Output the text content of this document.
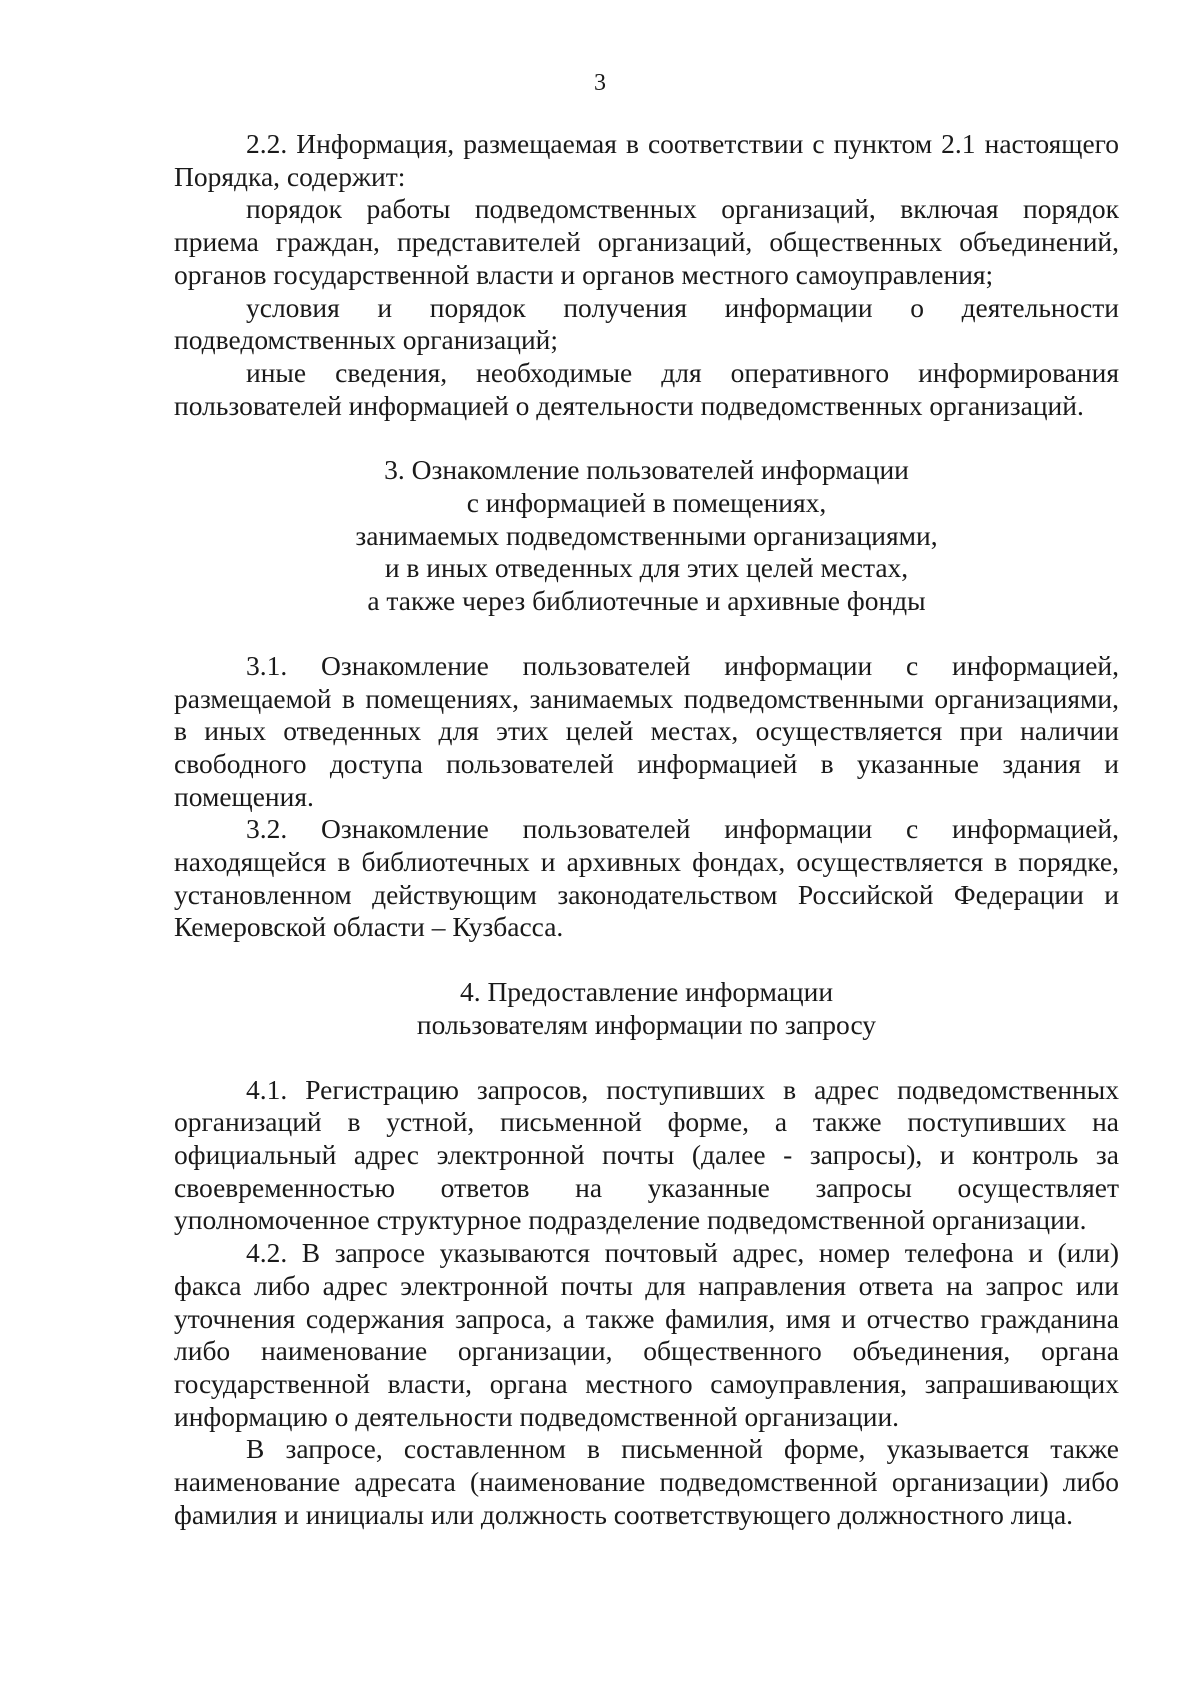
3

2.2. Информация, размещаемая в соответствии с пунктом 2.1 настоящего Порядка, содержит:

порядок работы подведомственных организаций, включая порядок приема граждан, представителей организаций, общественных объединений, органов государственной власти и органов местного самоуправления;

условия и порядок получения информации о деятельности подведомственных организаций;

иные сведения, необходимые для оперативного информирования пользователей информацией о деятельности подведомственных организаций.

3. Ознакомление пользователей информации
с информацией в помещениях,
занимаемых подведомственными организациями,
и в иных отведенных для этих целей местах,
а также через библиотечные и архивные фонды

3.1. Ознакомление пользователей информации с информацией, размещаемой в помещениях, занимаемых подведомственными организациями, в иных отведенных для этих целей местах, осуществляется при наличии свободного доступа пользователей информацией в указанные здания и помещения.

3.2. Ознакомление пользователей информации с информацией, находящейся в библиотечных и архивных фондах, осуществляется в порядке, установленном действующим законодательством Российской Федерации и Кемеровской области – Кузбасса.

4. Предоставление информации
пользователям информации по запросу

4.1. Регистрацию запросов, поступивших в адрес подведомственных организаций в устной, письменной форме, а также поступивших на официальный адрес электронной почты (далее - запросы), и контроль за своевременностью ответов на указанные запросы осуществляет уполномоченное структурное подразделение подведомственной организации.

4.2. В запросе указываются почтовый адрес, номер телефона и (или) факса либо адрес электронной почты для направления ответа на запрос или уточнения содержания запроса, а также фамилия, имя и отчество гражданина либо наименование организации, общественного объединения, органа государственной власти, органа местного самоуправления, запрашивающих информацию о деятельности подведомственной организации.

В запросе, составленном в письменной форме, указывается также наименование адресата (наименование подведомственной организации) либо фамилия и инициалы или должность соответствующего должностного лица.
